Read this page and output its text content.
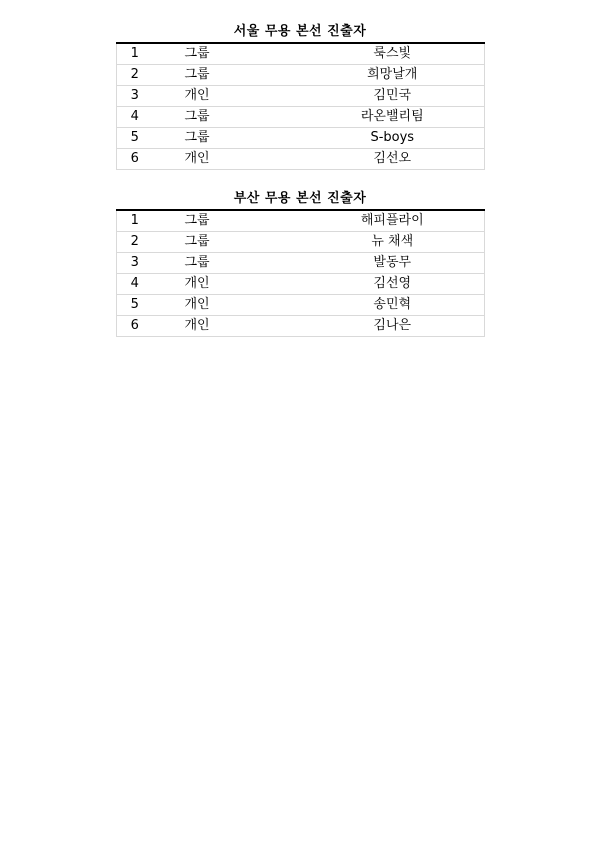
서울 무용 본선 진출자
1	그룹	룩스빛
2	그룹	희망날개
3	개인	김민국
4	그룹	라온밸리팀
5	그룹	S-boys
6	개인	김선오
부산 무용 본선 진출자
1	그룹	해피플라이
2	그룹	뉴 채색
3	그룹	발동무
4	개인	김선영
5	개인	송민혁
6	개인	김나은
